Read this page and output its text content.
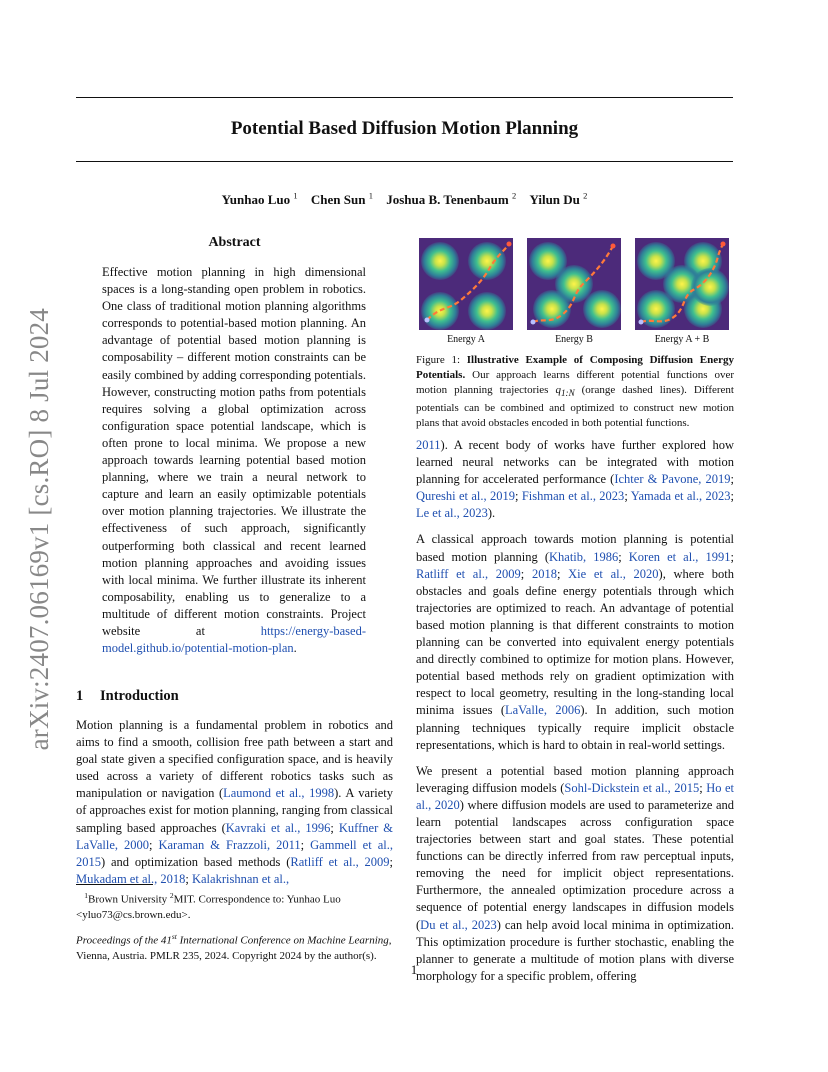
Potential Based Diffusion Motion Planning
arXiv:2407.06169v1 [cs.RO] 8 Jul 2024
Yunhao Luo $^1$ Chen Sun $^1$ Joshua B. Tenenbaum $^2$ Yilun Du $^2$
Abstract
Effective motion planning in high dimensional spaces is a long-standing open problem in robotics. One class of traditional motion planning algorithms corresponds to potential-based motion planning. An advantage of potential based motion planning is composability – different motion constraints can be easily combined by adding corresponding potentials. However, constructing motion paths from potentials requires solving a global optimization across configuration space potential landscape, which is often prone to local minima. We propose a new approach towards learning potential based motion planning, where we train a neural network to capture and learn an easily optimizable potentials over motion planning trajectories. We illustrate the effectiveness of such approach, significantly outperforming both classical and recent learned motion planning approaches and avoiding issues with local minima. We further illustrate its inherent composability, enabling us to generalize to a multitude of different motion constraints. Project website at https://energy-based-model.github.io/potential-motion-plan.
1 Introduction

Motion planning is a fundamental problem in robotics and aims to find a smooth, collision free path between a start and goal state given a specified configuration space, and is heavily used across a variety of different robotics tasks such as manipulation or navigation (Laumond et al., 1998). A variety of approaches exist for motion planning, ranging from classical sampling based approaches (Kavraki et al., 1996; Kuffner & LaValle, 2000; Karaman & Frazzoli, 2011; Gammell et al., 2015) and optimization based methods (Ratliff et al., 2009; Mukadam et al., 2018; Kalakrishnan et al.,

$^1$Brown University $^2$MIT. Correspondence to: Yunhao Luo <yluo73@cs.brown.edu>.

Proceedings of the 41st International Conference on Machine Learning, Vienna, Austria. PMLR 235, 2024. Copyright 2024 by the author(s).

Energy A	Energy B	Energy A + B

Figure 1: Illustrative Example of Composing Diffusion Energy Potentials. Our approach learns different potential functions over motion planning trajectories $q_{1:N}$ (orange dashed lines). Different potentials can be combined and optimized to construct new motion plans that avoid obstacles encoded in both potential functions.

2011). A recent body of works have further explored how learned neural networks can be integrated with motion planning for accelerated performance (Ichter & Pavone, 2019; Qureshi et al., 2019; Fishman et al., 2023; Yamada et al., 2023; Le et al., 2023).

A classical approach towards motion planning is potential based motion planning (Khatib, 1986; Koren et al., 1991; Ratliff et al., 2009; 2018; Xie et al., 2020), where both obstacles and goals define energy potentials through which trajectories are optimized to reach. An advantage of potential based motion planning is that different constraints to motion planning can be converted into equivalent energy potentials and directly combined to optimize for motion plans. However, potential based methods rely on gradient optimization with respect to local geometry, resulting in the long-standing local minima issues (LaValle, 2006). In addition, such motion planning techniques typically require implicit obstacle representations, which is hard to obtain in real-world settings.

We present a potential based motion planning approach leveraging diffusion models (Sohl-Dickstein et al., 2015; Ho et al., 2020) where diffusion models are used to parameterize and learn potential landscapes across configuration space trajectories between start and goal states. These potential functions can be directly inferred from raw perceptual inputs, removing the need for implicit object representations. Furthermore, the annealed optimization procedure across a sequence of potential energy landscapes in diffusion models (Du et al., 2023) can help avoid local minima in optimization. This optimization procedure is further stochastic, enabling the planner to generate a multitude of motion plans with diverse morphology for a specific problem, offering

1
